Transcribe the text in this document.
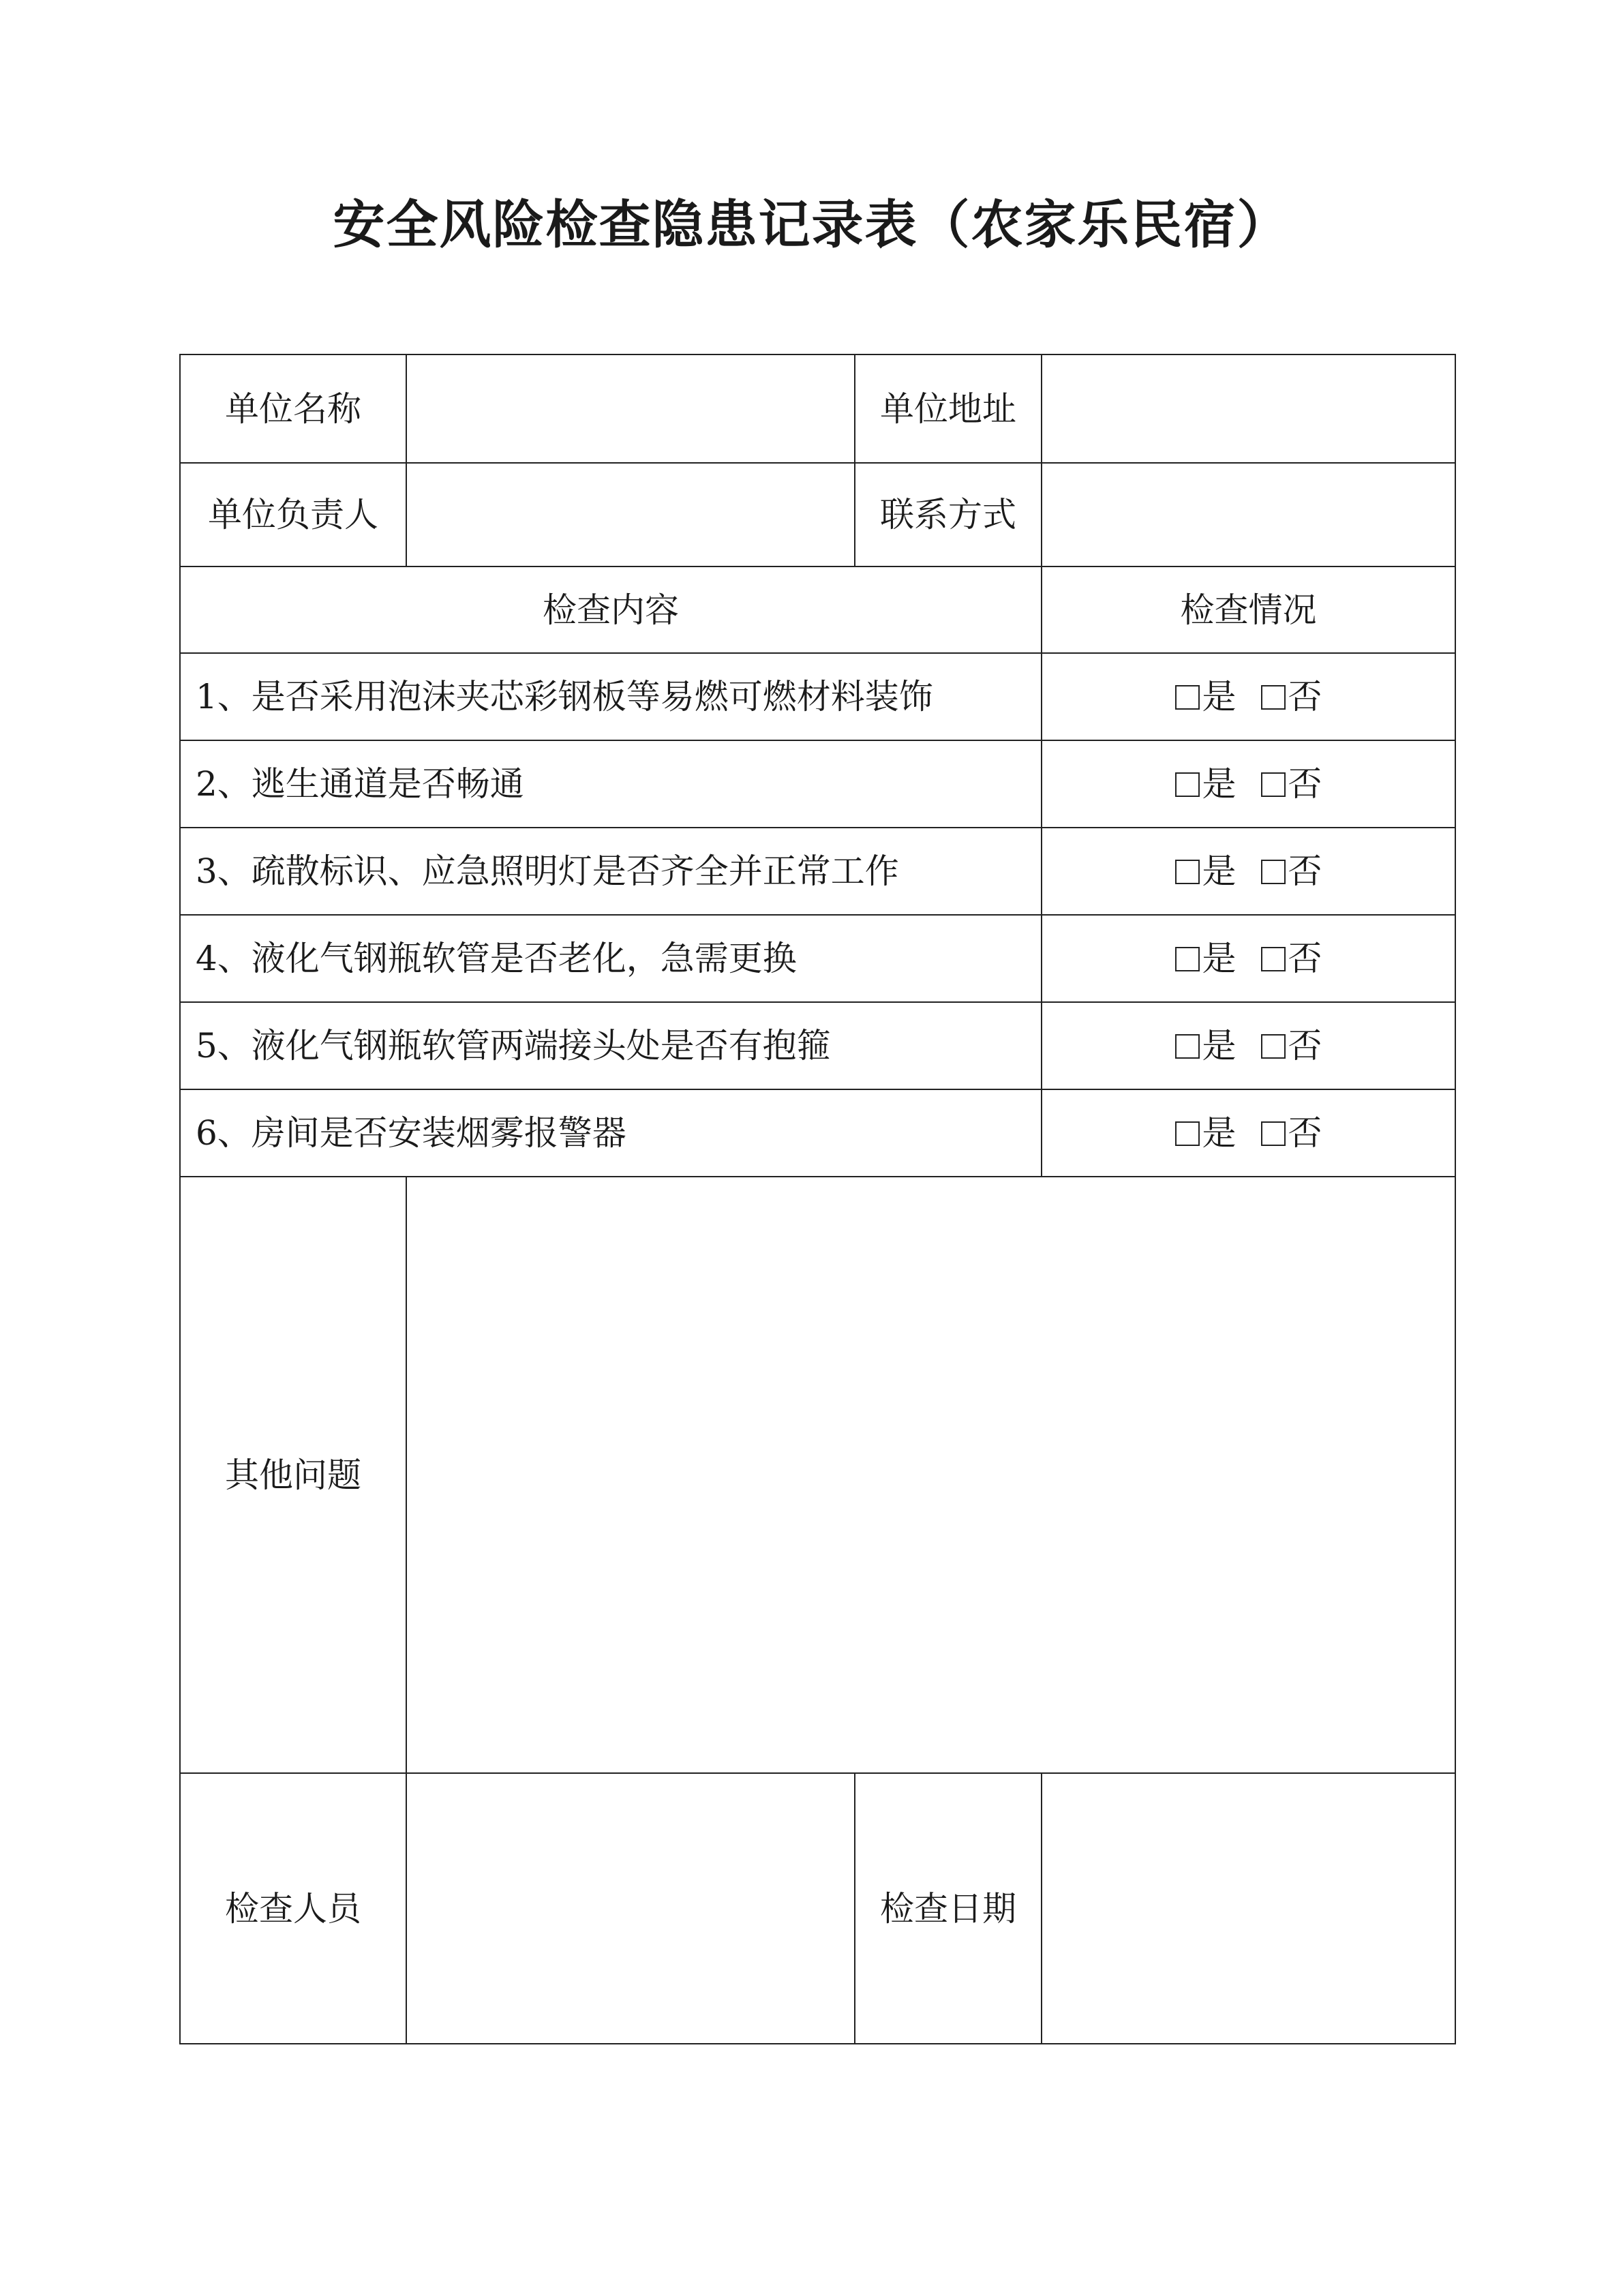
安全风险检查隐患记录表（农家乐民宿）
单位名称		单位地址	
单位负责人		联系方式	
检查内容			检查情况
1、是否采用泡沫夹芯彩钢板等易燃可燃材料装饰			是 否
2、逃生通道是否畅通			是 否
3、疏散标识、应急照明灯是否齐全并正常工作			是 否
4、液化气钢瓶软管是否老化，急需更换			是 否
5、液化气钢瓶软管两端接头处是否有抱箍			是 否
6、房间是否安装烟雾报警器			是 否
其他问题			
检查人员		检查日期	
